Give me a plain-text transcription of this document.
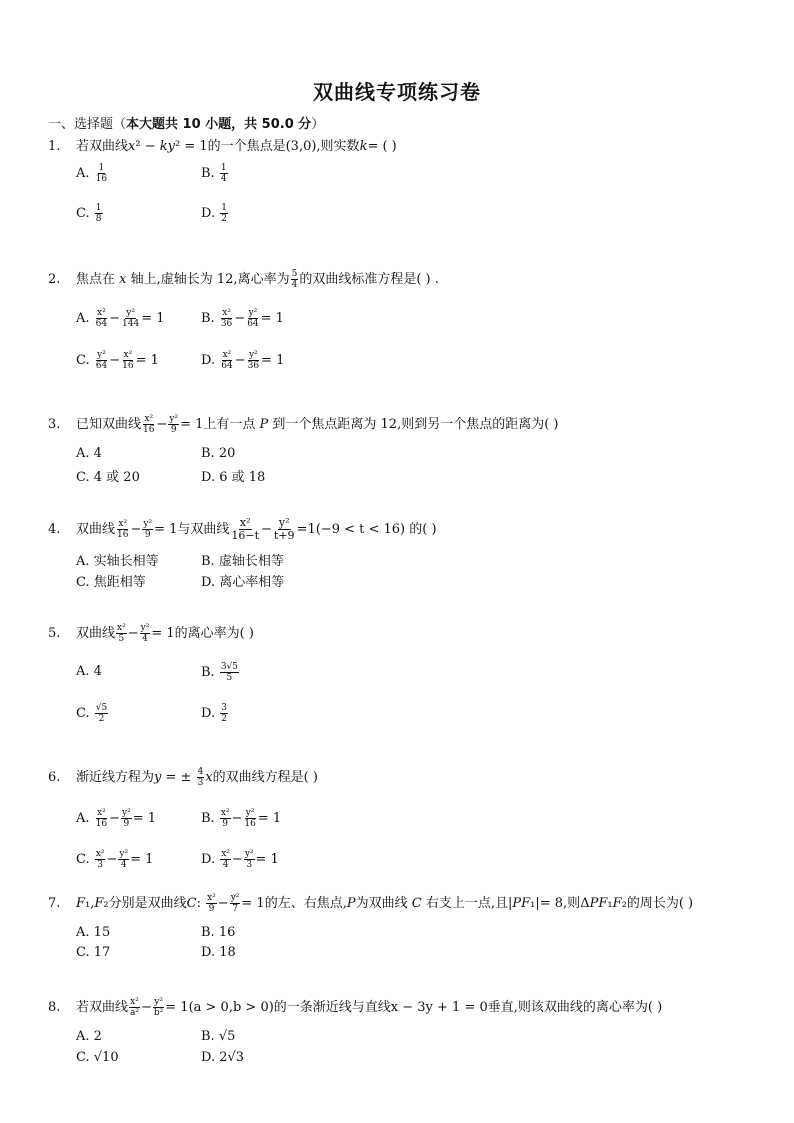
双曲线专项练习卷
一、选择题（本大题共 10 小题，共 50.0 分）
1. 若双曲线x² − ky² = 1的一个焦点是(3,0),则实数k= ( )
A. $\frac{1}{16}$	B. $\frac{1}{4}$
C. $\frac{1}{8}$	D. $\frac{1}{2}$
2. 焦点在 x 轴上,虚轴长为 12,离心率为 $\frac{5}{4}$ 的双曲线标准方程是( ) .
A. $\frac{\text{x²}}{64} - \frac{\text{y²}}{144} = 1$	B. $\frac{\text{x²}}{36} - \frac{\text{y²}}{64} = 1$
C. $\frac{\text{y²}}{64} - \frac{\text{x²}}{16} = 1$	D. $\frac{\text{x²}}{64} - \frac{\text{y²}}{36} = 1$
3. 已知双曲线 $\frac{\text{x²}}{16} - \frac{\text{y²}}{9} = 1$上有一点 P 到一个焦点距离为 12,则到另一个焦点的距离为( )
A. 4	B. 20
C. 4 或 20	D. 6 或 18
4. 双曲线 $\frac{\text{x²}}{16} - \frac{\text{y²}}{9} = 1$与双曲线 $\frac{\text{x²}}{16-t} - \frac{\text{y²}}{t+9} =1(-9 < t < 16)$ 的( )
A. 实轴长相等	B. 虚轴长相等
C. 焦距相等	D. 离心率相等
5. 双曲线 $\frac{\text{x²}}{5} - \frac{\text{y²}}{4} = 1$的离心率为( )
A. 4	B. $\frac{3√5}{5}$
C. $\frac{√5}{2}$	D. $\frac{3}{2}$
6. 渐近线方程为y = ± $\frac{4}{3}$ x的双曲线方程是( )
A. $\frac{\text{x²}}{16} - \frac{\text{y²}}{9} = 1$	B. $\frac{\text{x²}}{9} - \frac{\text{y²}}{16} = 1$
C. $\frac{\text{x²}}{3} - \frac{\text{y²}}{4} = 1$	D. $\frac{\text{x²}}{4} - \frac{\text{y²}}{3} = 1$
7. F₁,F₂分别是双曲线C: $\frac{\text{x²}}{9} - \frac{\text{y²}}{7} = 1$的左、右焦点,P为双曲线 C 右支上一点,且|PF₁|= 8,则ΔPF₁F₂的周长为( )
A. 15	B. 16
C. 17	D. 18
8. 若双曲线 $\frac{\text{x²}}{\text{a²}} - \frac{\text{y²}}{\text{b²}} = 1(a > 0,b > 0)$的一条渐近线与直线x − 3y + 1 = 0垂直,则该双曲线的离心率为( )
A. 2	B. √5
C. √10	D. 2√3
